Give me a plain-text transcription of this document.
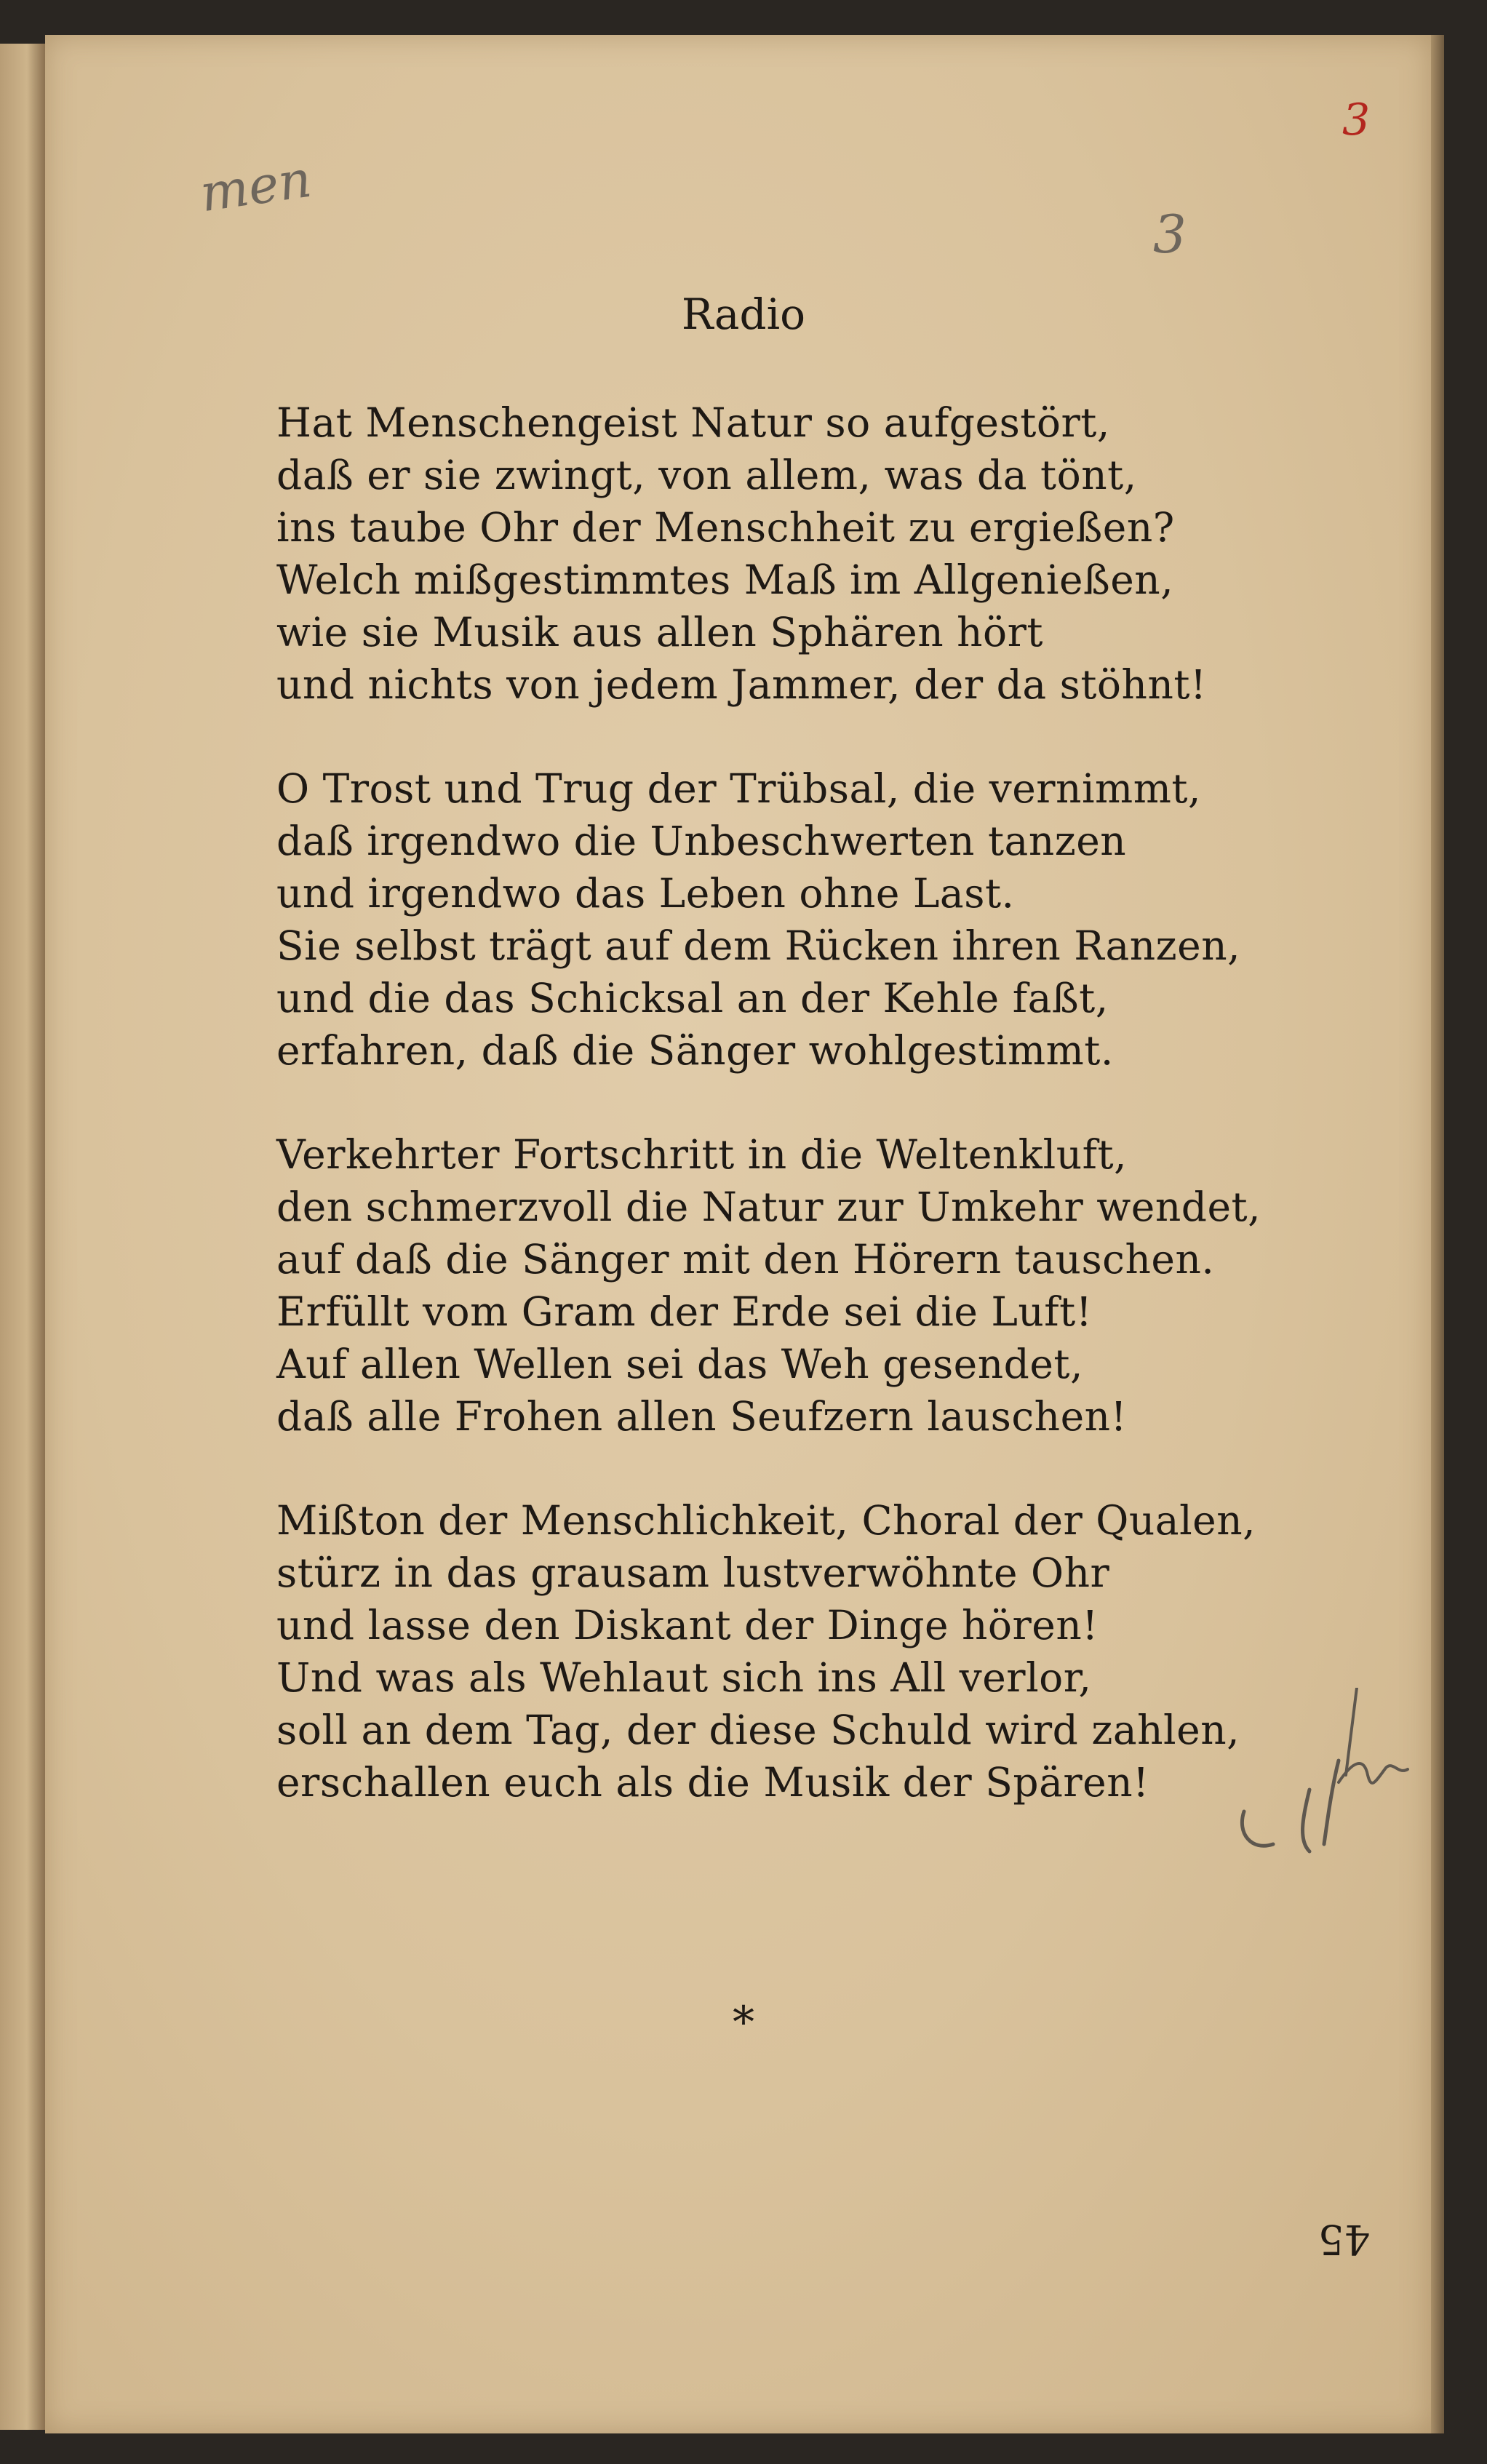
3
men
3
Radio
Hat Menschengeist Natur so aufgestört,
daß er sie zwingt, von allem, was da tönt,
ins taube Ohr der Menschheit zu ergießen?
Welch mißgestimmtes Maß im Allgenießen,
wie sie Musik aus allen Sphären hört
und nichts von jedem Jammer, der da stöhnt!
O Trost und Trug der Trübsal, die vernimmt,
daß irgendwo die Unbeschwerten tanzen
und irgendwo das Leben ohne Last.
Sie selbst trägt auf dem Rücken ihren Ranzen,
und die das Schicksal an der Kehle faßt,
erfahren, daß die Sänger wohlgestimmt.
Verkehrter Fortschritt in die Weltenkluft,
den schmerzvoll die Natur zur Umkehr wendet,
auf daß die Sänger mit den Hörern tauschen.
Erfüllt vom Gram der Erde sei die Luft!
Auf allen Wellen sei das Weh gesendet,
daß alle Frohen allen Seufzern lauschen!
Mißton der Menschlichkeit, Choral der Qualen,
stürz in das grausam lustverwöhnte Ohr
und lasse den Diskant der Dinge hören!
Und was als Wehlaut sich ins All verlor,
soll an dem Tag, der diese Schuld wird zahlen,
erschallen euch als die Musik der Spären!
*
45
